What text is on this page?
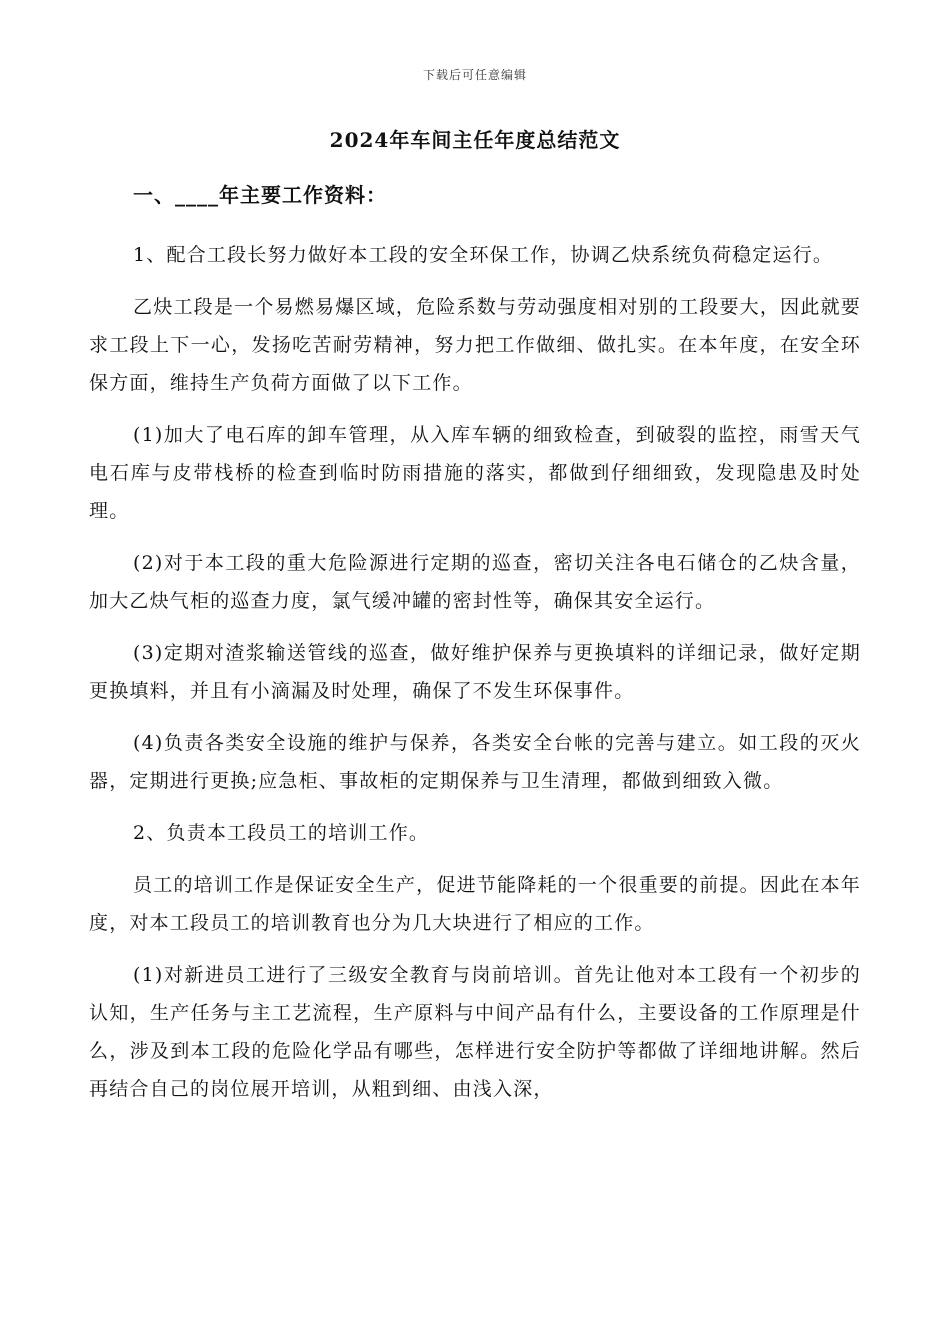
下载后可任意编辑
2024年车间主任年度总结范文

一、____年主要工作资料：

1、配合工段长努力做好本工段的安全环保工作，协调乙炔系统负荷稳定运行。

乙炔工段是一个易燃易爆区域，危险系数与劳动强度相对别的工段要大，因此就要求工段上下一心，发扬吃苦耐劳精神，努力把工作做细、做扎实。在本年度，在安全环保方面，维持生产负荷方面做了以下工作。

(1)加大了电石库的卸车管理，从入库车辆的细致检查，到破裂的监控，雨雪天气电石库与皮带栈桥的检查到临时防雨措施的落实，都做到仔细细致，发现隐患及时处理。

(2)对于本工段的重大危险源进行定期的巡查，密切关注各电石储仓的乙炔含量，加大乙炔气柜的巡查力度，氯气缓冲罐的密封性等，确保其安全运行。

(3)定期对渣浆输送管线的巡查，做好维护保养与更换填料的详细记录，做好定期更换填料，并且有小滴漏及时处理，确保了不发生环保事件。

(4)负责各类安全设施的维护与保养，各类安全台帐的完善与建立。如工段的灭火器，定期进行更换;应急柜、事故柜的定期保养与卫生清理，都做到细致入微。

2、负责本工段员工的培训工作。

员工的培训工作是保证安全生产，促进节能降耗的一个很重要的前提。因此在本年度，对本工段员工的培训教育也分为几大块进行了相应的工作。

(1)对新进员工进行了三级安全教育与岗前培训。首先让他对本工段有一个初步的认知，生产任务与主工艺流程，生产原料与中间产品有什么，主要设备的工作原理是什么，涉及到本工段的危险化学品有哪些，怎样进行安全防护等都做了详细地讲解。然后再结合自己的岗位展开培训，从粗到细、由浅入深，
